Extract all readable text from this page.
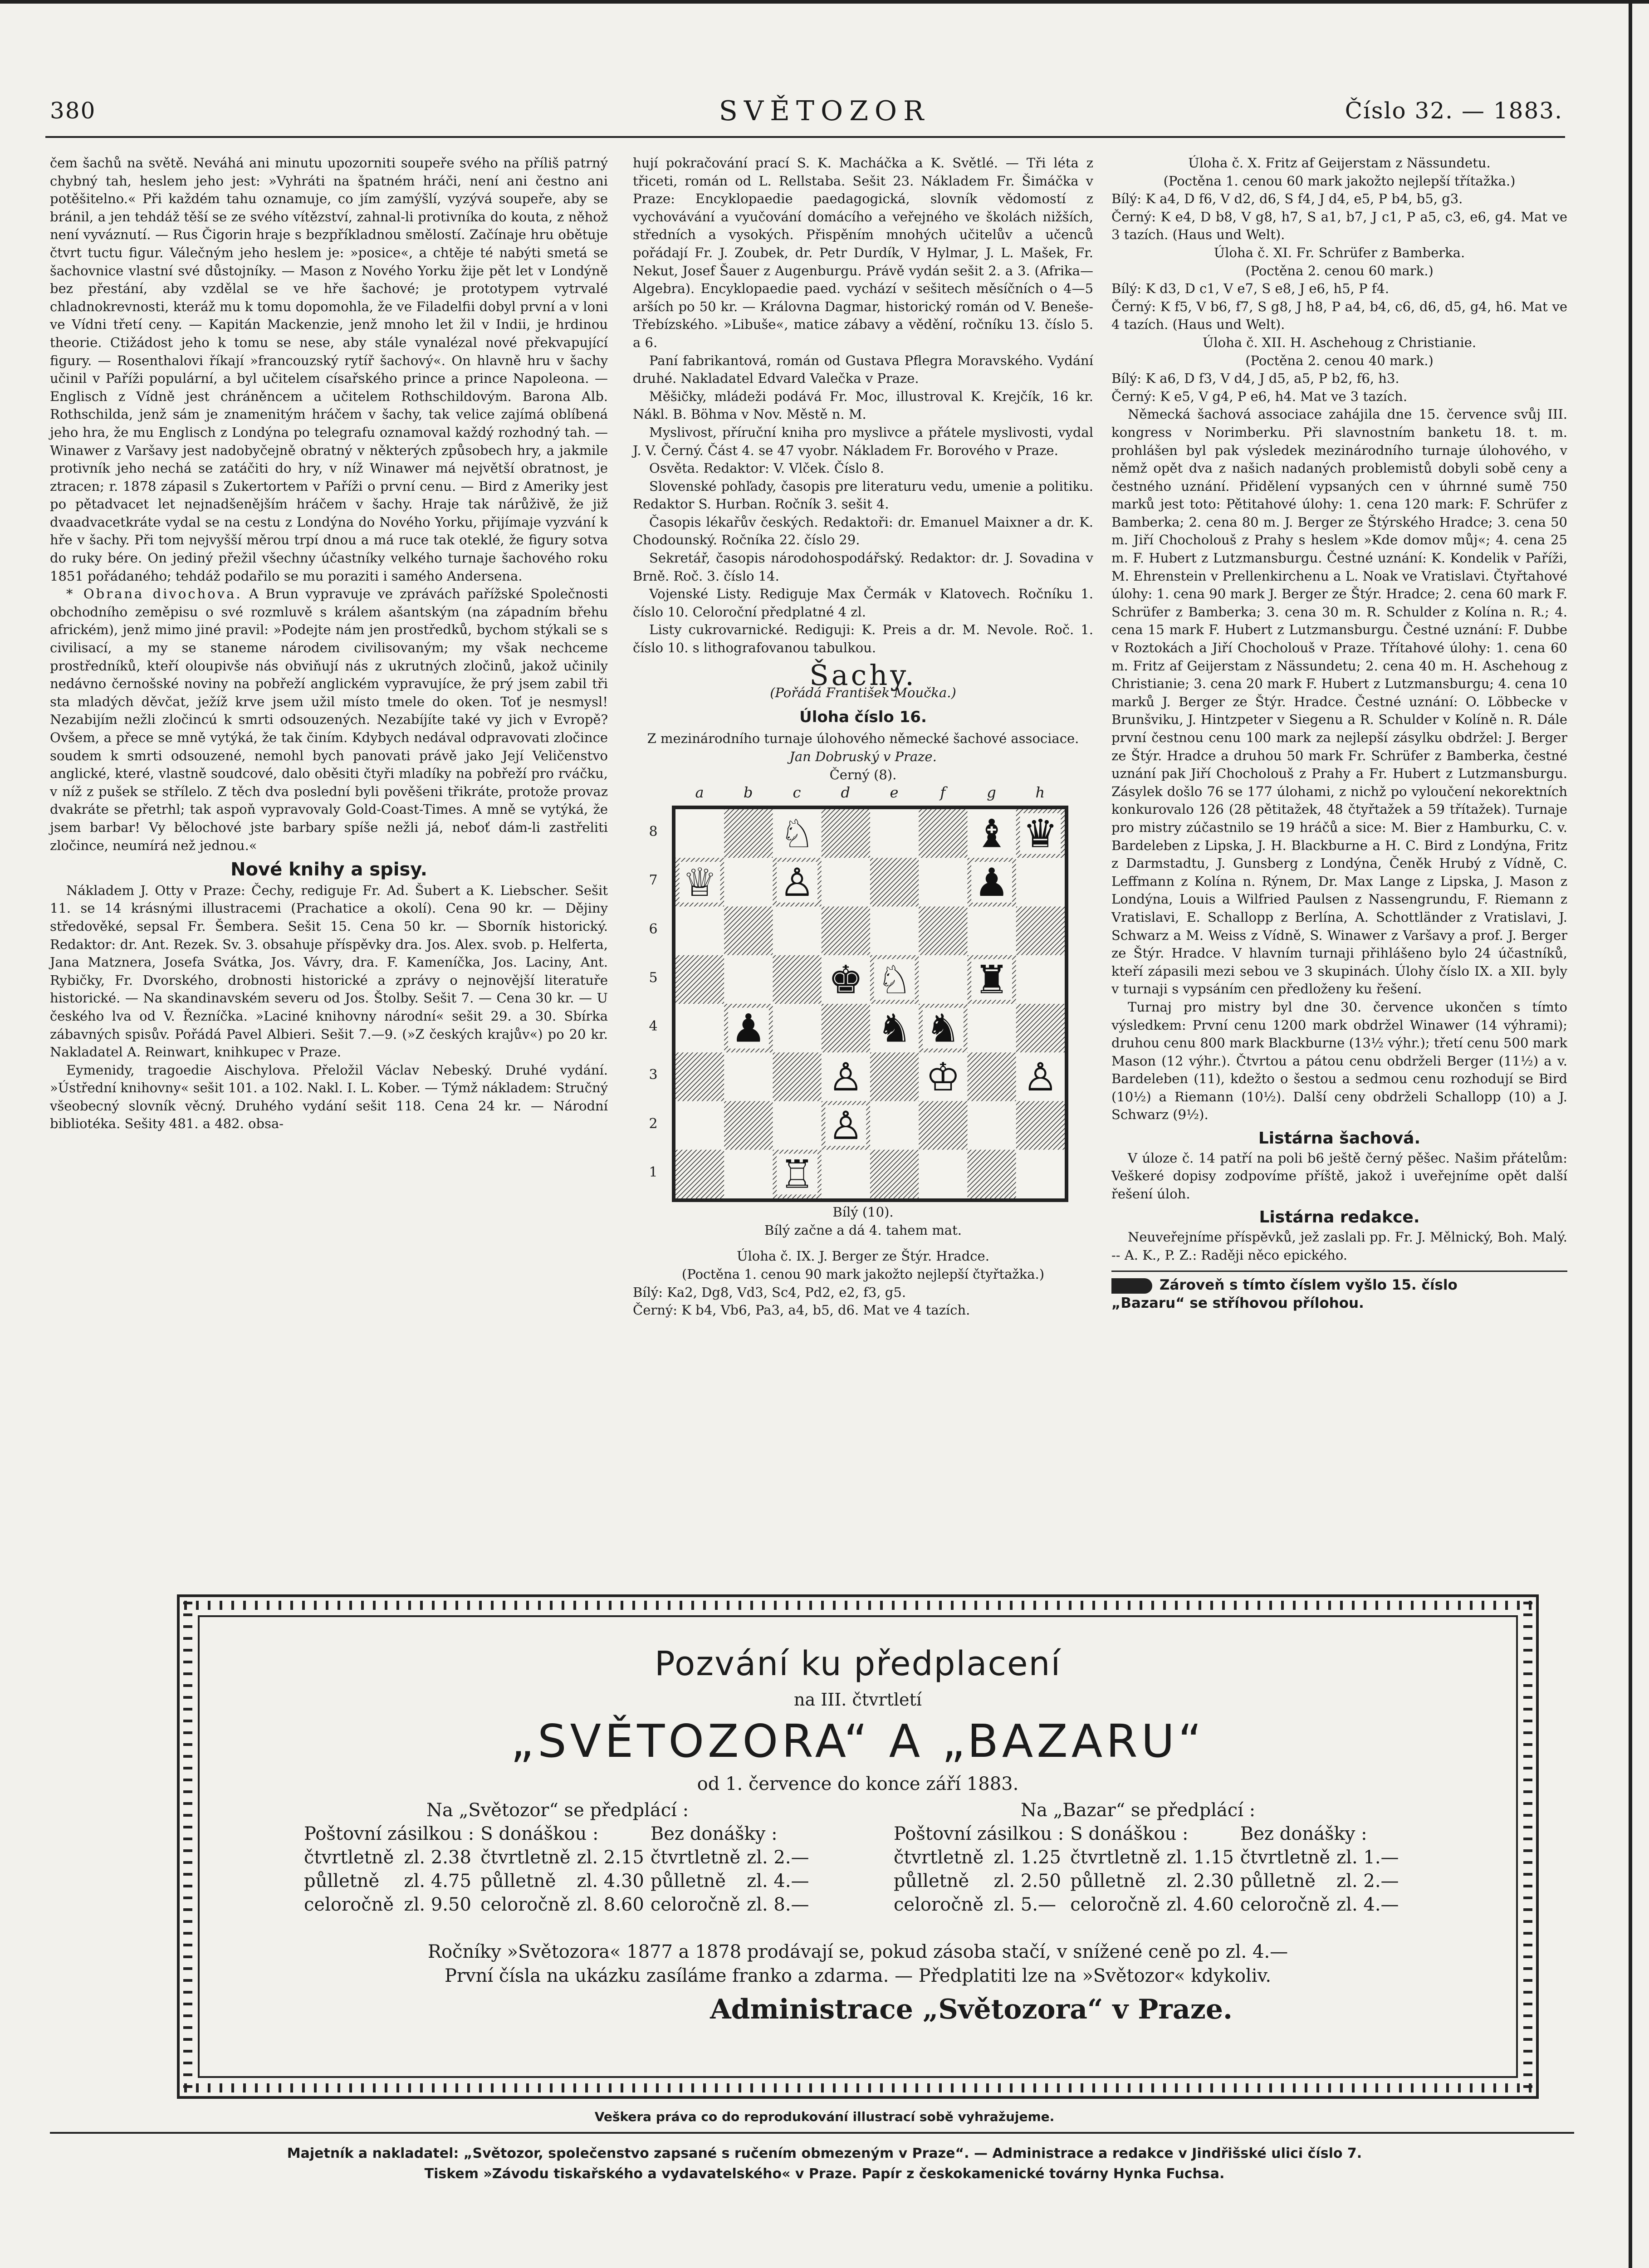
380	SVĚTOZOR	Číslo 32. — 1883.

čem šachů na světě. Neváhá ani minutu upozorniti soupeře svého na příliš patrný chybný tah, heslem jeho jest: »Vyhráti na špatném hráči, není ani čestno ani potěšitelno.« Při každém tahu oznamuje, co jím zamýšlí, vyzývá soupeře, aby se bránil, a jen tehdáž těší se ze svého vítězství, zahnal-li protivníka do kouta, z něhož není vyváznutí. — Rus Čigorin hraje s bezpříkladnou smělostí. Začínaje hru obětuje čtvrt tuctu figur. Válečným jeho heslem je: »posice«, a chtěje té nabýti smetá se šachovnice vlastní své důstojníky. — Mason z Nového Yorku žije pět let v Londýně bez přestání, aby vzdělal se ve hře šachové; je prototypem vytrvalé chladnokrevnosti, kteráž mu k tomu dopomohla, že ve Filadelfii dobyl první a v loni ve Vídni třetí ceny. — Kapitán Mackenzie, jenž mnoho let žil v Indii, je hrdinou theorie. Ctižádost jeho k tomu se nese, aby stále vynalézal nové překvapující figury. — Rosenthalovi říkají »francouzský rytíř šachový«. On hlavně hru v šachy učinil v Paříži populární, a byl učitelem císařského prince a prince Napoleona. — Englisch z Vídně jest chráněncem a učitelem Rothschildovým. Barona Alb. Rothschilda, jenž sám je znamenitým hráčem v šachy, tak velice zajímá oblíbená jeho hra, že mu Englisch z Londýna po telegrafu oznamoval každý rozhodný tah. — Winawer z Varšavy jest nadobyčejně obratný v některých způsobech hry, a jakmile protivník jeho nechá se zatáčiti do hry, v níž Winawer má největší obratnost, je ztracen; r. 1878 zápasil s Zukertortem v Paříži o první cenu. — Bird z Ameriky jest po pětadvacet let nejnadšenějším hráčem v šachy. Hraje tak nárůživě, že již dvaadvacetkráte vydal se na cestu z Londýna do Nového Yorku, přijímaje vyzvání k hře v šachy. Při tom nejvyšší měrou trpí dnou a má ruce tak oteklé, že figury sotva do ruky bére. On jediný přežil všechny účastníky velkého turnaje šachového roku 1851 pořádaného; tehdáž podařilo se mu poraziti i samého Andersena.

* Obrana divochova. A Brun vypravuje ve zprávách pařížské Společnosti obchodního zeměpisu o své rozmluvě s králem ašantským (na západním břehu africkém), jenž mimo jiné pravil: »Podejte nám jen prostředků, bychom stýkali se s civilisací, a my se staneme národem civilisovaným; my však nechceme prostředníků, kteří oloupivše nás obviňují nás z ukrutných zločinů, jakož učinily nedávno černošské noviny na pobřeží anglickém vypravujíce, že prý jsem zabil tři sta mladých děvčat, ježíž krve jsem užil místo tmele do oken. Toť je nesmysl! Nezabijím nežli zločincú k smrti odsouzených. Nezabíjíte také vy jich v Evropě? Ovšem, a přece se mně vytýká, že tak činím. Kdybych nedával odpravovati zločince soudem k smrti odsouzené, nemohl bych panovati právě jako Její Veličenstvo anglické, které, vlastně soudcové, dalo oběsiti čtyři mladíky na pobřeží pro rváčku, v níž z pušek se střílelo. Z těch dva poslední byli pověšeni třikráte, protože provaz dvakráte se přetrhl; tak aspoň vypravovaly Gold-Coast-Times. A mně se vytýká, že jsem barbar! Vy bělochové jste barbary spíše nežli já, neboť dám-li zastřeliti zločince, neumírá než jednou.«

Nové knihy a spisy.

Nákladem J. Otty v Praze: Čechy, rediguje Fr. Ad. Šubert a K. Liebscher. Sešit 11. se 14 krásnými illustracemi (Prachatice a okolí). Cena 90 kr. — Dějiny středověké, sepsal Fr. Šembera. Sešit 15. Cena 50 kr. — Sborník historický. Redaktor: dr. Ant. Rezek. Sv. 3. obsahuje příspěvky dra. Jos. Alex. svob. p. Helferta, Jana Matznera, Josefa Svátka, Jos. Vávry, dra. F. Kameníčka, Jos. Laciny, Ant. Rybičky, Fr. Dvorského, drobnosti historické a zprávy o nejnovější literatuře historické. — Na skandinavském severu od Jos. Štolby. Sešit 7. — Cena 30 kr. — U českého lva od V. Řezníčka. »Laciné knihovny národní« sešit 29. a 30. Sbírka zábavných spisův. Pořádá Pavel Albieri. Sešit 7.—9. (»Z českých krajův«) po 20 kr. Nakladatel A. Reinwart, knihkupec v Praze.

Eymenidy, tragoedie Aischylova. Přeložil Václav Nebeský. Druhé vydání. »Ústřední knihovny« sešit 101. a 102. Nakl. I. L. Kober. — Týmž nákladem: Stručný všeobecný slovník věcný. Druhého vydání sešit 118. Cena 24 kr. — Národní bibliotéka. Sešity 481. a 482. obsa-

hují pokračování prací S. K. Macháčka a K. Světlé. — Tři léta z třiceti, román od L. Rellstaba. Sešit 23. Nákladem Fr. Šimáčka v Praze: Encyklopaedie paedagogická, slovník vědomostí z vychovávání a vyučování domácího a veřejného ve školách nižších, středních a vysokých. Přispěním mnohých učitelův a učenců pořádají Fr. J. Zoubek, dr. Petr Durdík, V Hylmar, J. L. Mašek, Fr. Nekut, Josef Šauer z Augenburgu. Právě vydán sešit 2. a 3. (Afrika—Algebra). Encyklopaedie paed. vychází v sešitech měsíčních o 4—5 arších po 50 kr. — Královna Dagmar, historický román od V. Beneše-Třebízského. »Libuše«, matice zábavy a vědění, ročníku 13. číslo 5. a 6.

Paní fabrikantová, román od Gustava Pflegra Moravského. Vydání druhé. Nakladatel Edvard Valečka v Praze.

Měšičky, mládeži podává Fr. Moc, illustroval K. Krejčík, 16 kr. Nákl. B. Böhma v Nov. Městě n. M.

Myslivost, příruční kniha pro myslivce a přátele myslivosti, vydal J. V. Černý. Část 4. se 47 vyobr. Nákladem Fr. Borového v Praze.

Osvěta. Redaktor: V. Vlček. Číslo 8.

Slovenské pohľady, časopis pre literaturu vedu, umenie a politiku. Redaktor S. Hurban. Ročník 3. sešit 4.

Časopis lékařův českých. Redaktoři: dr. Emanuel Maixner a dr. K. Chodounský. Ročníka 22. číslo 29.

Sekretář, časopis národohospodářský. Redaktor: dr. J. Sovadina v Brně. Roč. 3. číslo 14.

Vojenské Listy. Rediguje Max Čermák v Klatovech. Ročníku 1. číslo 10. Celoroční předplatné 4 zl.

Listy cukrovarnické. Rediguji: K. Preis a dr. M. Nevole. Roč. 1. číslo 10. s lithografovanou tabulkou.

Šachy.
(Pořádá František Moučka.)
Úloha číslo 16.
Z mezinárodního turnaje úlohového německé šachové associace.
Jan Dobruský v Praze.
Černý (8).
a	b	c	d	e	f	g	h
8
7
6
5
4
3
2
1
♘	♝ ♛
♕ ♙	♟
♚ ♘ ♜
♟	♞ ♞
♙ ♔ ♙
♙
♖
Bílý (10).
Bílý začne a dá 4. tahem mat.
Úloha č. IX. J. Berger ze Štýr. Hradce.
(Poctěna 1. cenou 90 mark jakožto nejlepší čtyřtažka.)

Bílý: Ka2, Dg8, Vd3, Sc4, Pd2, e2, f3, g5.

Černý: K b4, Vb6, Pa3, a4, b5, d6. Mat ve 4 tazích.

Úloha č. X. Fritz af Geijerstam z Nässundetu.
(Poctěna 1. cenou 60 mark jakožto nejlepší třítažka.)

Bílý: K a4, D f6, V d2, d6, S f4, J d4, e5, P b4, b5, g3.

Černý: K e4, D b8, V g8, h7, S a1, b7, J c1, P a5, c3, e6, g4. Mat ve 3 tazích. (Haus und Welt).

Úloha č. XI. Fr. Schrüfer z Bamberka.
(Poctěna 2. cenou 60 mark.)

Bílý: K d3, D c1, V e7, S e8, J e6, h5, P f4.

Černý: K f5, V b6, f7, S g8, J h8, P a4, b4, c6, d6, d5, g4, h6. Mat ve 4 tazích. (Haus und Welt).

Úloha č. XII. H. Aschehoug z Christianie.
(Poctěna 2. cenou 40 mark.)

Bílý: K a6, D f3, V d4, J d5, a5, P b2, f6, h3.

Černý: K e5, V g4, P e6, h4. Mat ve 3 tazích.

Německá šachová associace zahájila dne 15. července svůj III. kongress v Norimberku. Při slavnostním banketu 18. t. m. prohlášen byl pak výsledek mezinárodního turnaje úlohového, v němž opět dva z našich nadaných problemistů dobyli sobě ceny a čestného uznání. Přidělení vypsaných cen v úhrnné sumě 750 marků jest toto: Pětitahové úlohy: 1. cena 120 mark: F. Schrüfer z Bamberka; 2. cena 80 m. J. Berger ze Štýrského Hradce; 3. cena 50 m. Jiří Chocholouš z Prahy s heslem »Kde domov můj«; 4. cena 25 m. F. Hubert z Lutzmansburgu. Čestné uznání: K. Kondelik v Paříži, M. Ehrenstein v Prellenkirchenu a L. Noak ve Vratislavi. Čtyřtahové úlohy: 1. cena 90 mark J. Berger ze Štýr. Hradce; 2. cena 60 mark F. Schrüfer z Bamberka; 3. cena 30 m. R. Schulder z Kolína n. R.; 4. cena 15 mark F. Hubert z Lutzmansburgu. Čestné uznání: F. Dubbe v Roztokách a Jiří Chocholouš v Praze. Třítahové úlohy: 1. cena 60 m. Fritz af Geijerstam z Nässundetu; 2. cena 40 m. H. Aschehoug z Christianie; 3. cena 20 mark F. Hubert z Lutzmansburgu; 4. cena 10 marků J. Berger ze Štýr. Hradce. Čestné uznání: O. Löbbecke v Brunšviku, J. Hintzpeter v Siegenu a R. Schulder v Kolíně n. R. Dále první čestnou cenu 100 mark za nejlepší zásylku obdržel: J. Berger ze Štýr. Hradce a druhou 50 mark Fr. Schrüfer z Bamberka, čestné uznání pak Jiří Chocholouš z Prahy a Fr. Hubert z Lutzmansburgu. Zásylek došlo 76 se 177 úlohami, z nichž po vyloučení nekorektních konkurovalo 126 (28 pětitažek, 48 čtyřtažek a 59 třítažek). Turnaje pro mistry zúčastnilo se 19 hráčů a sice: M. Bier z Hamburku, C. v. Bardeleben z Lipska, J. H. Blackburne a H. C. Bird z Londýna, Fritz z Darmstadtu, J. Gunsberg z Londýna, Čeněk Hrubý z Vídně, C. Leffmann z Kolína n. Rýnem, Dr. Max Lange z Lipska, J. Mason z Londýna, Louis a Wilfried Paulsen z Nassengrundu, F. Riemann z Vratislavi, E. Schallopp z Berlína, A. Schottländer z Vratislavi, J. Schwarz a M. Weiss z Vídně, S. Winawer z Varšavy a prof. J. Berger ze Štýr. Hradce. V hlavním turnaji přihlášeno bylo 24 účastníků, kteří zápasili mezi sebou ve 3 skupinách. Úlohy číslo IX. a XII. byly v turnaji s vypsáním cen předloženy ku řešení.

Turnaj pro mistry byl dne 30. července ukončen s tímto výsledkem: První cenu 1200 mark obdržel Winawer (14 výhrami); druhou cenu 800 mark Blackburne (13½ výhr.); třetí cenu 500 mark Mason (12 výhr.). Čtvrtou a pátou cenu obdrželi Berger (11½) a v. Bardeleben (11), kdežto o šestou a sedmou cenu rozhodují se Bird (10½) a Riemann (10½). Další ceny obdrželi Schallopp (10) a J. Schwarz (9½).

Listárna šachová.

V úloze č. 14 patří na poli b6 ještě černý pěšec. Našim přátelům: Veškeré dopisy zodpovíme příště, jakož i uveřejníme opět další řešení úloh.

Listárna redakce.

Neuveřejníme příspěvků, jež zaslali pp. Fr. J. Mělnický, Boh. Malý. -- A. K., P. Z.: Raději něco epického.

Zároveň s tímto číslem vyšlo 15. číslo
„Bazaru“ se stříhovou přílohou.
Pozvání ku předplacení
na III. čtvrtletí
„SVĚTOZORA“ A „BAZARU“
od 1. července do konce září 1883.
Na „Světozor“ se předplácí :
Poštovní zásilkou :		S donáškou :		Bez donášky :	
čtvrtletně	zl. 2.38	čtvrtletně	zl. 2.15	čtvrtletně	zl. 2.—
půlletně	zl. 4.75	půlletně	zl. 4.30	půlletně	zl. 4.—
celoročně	zl. 9.50	celoročně	zl. 8.60	celoročně	zl. 8.—
Na „Bazar“ se předplácí :
Poštovní zásilkou :		S donáškou :		Bez donášky :	
čtvrtletně	zl. 1.25	čtvrtletně	zl. 1.15	čtvrtletně	zl. 1.—
půlletně	zl. 2.50	půlletně	zl. 2.30	půlletně	zl. 2.—
celoročně	zl. 5.—	celoročně	zl. 4.60	celoročně	zl. 4.—
Ročníky »Světozora« 1877 a 1878 prodávají se, pokud zásoba stačí, v snížené ceně po zl. 4.—
První čísla na ukázku zasíláme franko a zdarma. — Předplatiti lze na »Světozor« kdykoliv.
Administrace „Světozora“ v Praze.
Veškera práva co do reprodukování illustrací sobě vyhražujeme.
Majetník a nakladatel: „Světozor, společenstvo zapsané s ručením obmezeným v Praze“. — Administrace a redakce v Jindřišské ulici číslo 7.
Tiskem »Závodu tiskařského a vydavatelského« v Praze. Papír z českokamenické továrny Hynka Fuchsa.
